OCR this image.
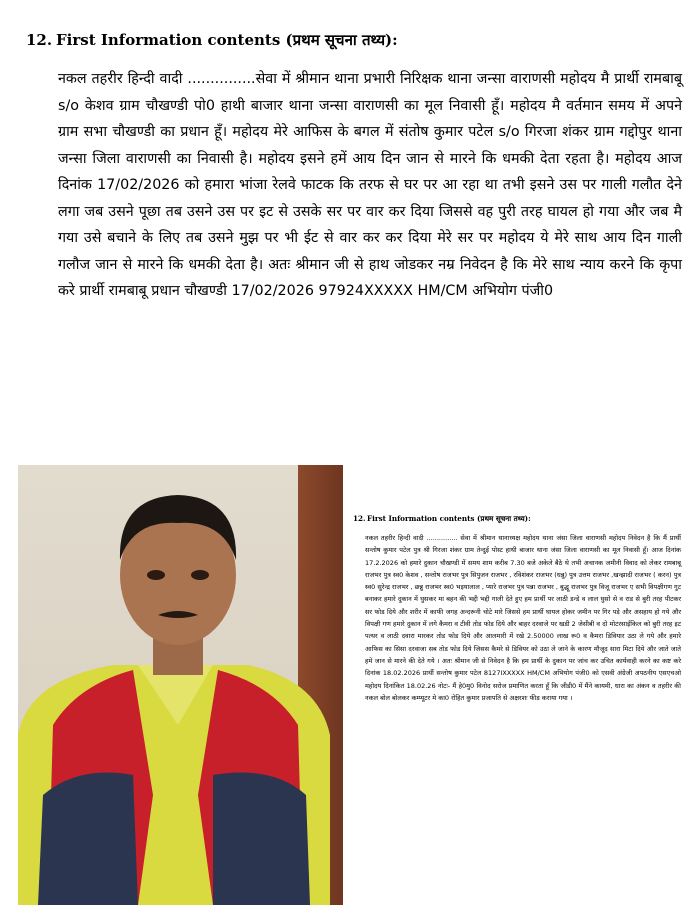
12. First Information contents (प्रथम सूचना तथ्य):
नकल तहरीर हिन्दी वादी ...............सेवा में श्रीमान थाना प्रभारी निरिक्षक थाना जन्सा वाराणसी महोदय मै प्रार्थी रामबाबू s/o केशव ग्राम चौखण्डी पो0 हाथी बाजार थाना जन्सा वाराणसी का मूल निवासी हूँ। महोदय मै वर्तमान समय में अपने ग्राम सभा चौखण्डी का प्रधान हूँ। महोदय मेरे आफिस के बगल में संतोष कुमार पटेल s/o गिरजा शंकर ग्राम गद्दोपुर थाना जन्सा जिला वाराणसी का निवासी है। महोदय इसने हमें आय दिन जान से मारने कि धमकी देता रहता है। महोदय आज दिनांक 17/02/2026 को हमारा भांजा रेलवे फाटक कि तरफ से घर पर आ रहा था तभी इसने उस पर गाली गलौत देने लगा जब उसने पूछा तब उसने उस पर इट से उसके सर पर वार कर दिया जिससे वह पुरी तरह घायल हो गया और जब मै गया उसे बचाने के लिए तब उसने मुझ पर भी ईट से वार कर कर दिया मेरे सर पर महोदय ये मेरे साथ आय दिन गाली गलौज जान से मारने कि धमकी देता है। अतः श्रीमान जी से हाथ जोडकर नम्र निवेदन है कि मेरे साथ न्याय करने कि कृपा करे प्रार्थी रामबाबू प्रधान चौखण्डी 17/02/2026 97924XXXXX HM/CM अभियोग पंजी0
12.First Information contents (प्रथम सूचना तथ्य):
नकल तहरीर हिन्दी वादी ............... सेवा में श्रीमान थानाध्यक्ष महोदय थाना जंसा जिला वाराणसी महोदय निवेदन है कि मैं प्रार्थी सन्तोष कुमार पटेल पुत्र श्री गिरजा शंकर ग्राम तेन्दुई पोस्ट हाथी बाजार थाना जंसा जिला वाराणसी का मूल निवासी हूँ। आज दिनांक 17.2.2026 को हमारे दुकान चौखण्डी में समय शाम करीब 7.30 बजे अकेले बैठे थे तभी अचानक जमीनी विवाद को लेकर रामबाबू राजभर पुत्र स्व0 केशव , सन्तोष राजभर पुत्र सिपुजन राजभर , रविशंकर राजभर (धन्नु) पुत्र उत्तम राजभर ,खन्झादी राजभर ( करन) पुत्र स्व0 सुरेन्द्र राजभर , छन्नु राजभर स्व0 भइयालाल , प्यारे राजभर पुत्र पन्ना राजभर , बुद्धू राजभर पुत्र विजू राजभर ए सभी विपक्षीगण गुट बनाकर हमारे दुकान में घुसकर मा बहन की भद्दी भद्दी गाली देते हुए हम प्रार्थी पर लाठी डन्डे व लाल घुसो से व राड से बुरी तरह पीटकर सर फोड दिये और शरीर में काफी जगह अन्दरूनी चोटे मारे जिससे हम प्रार्थी घायल होकर जमीन पर गिर पडे और असहाय हो गये और विपक्षी गण हमारे दुकान में लगे कैमरा व टीवी तोड फोड दिये और बाहर दरवाजे पर खडी 2 जेसीबी व दो मोटरसाईकिल को बुरी तरह इट पत्थर व लाठी दवारा मारकर तोड फोड दिये और आलमारी में रखे 2.50000 लाख रू0 व कैमरा डिवियार उठा ले गये और हमारे आफिस का सिसा दरवाजा सब तोड फोड दिये जिसस कैमरे से डिवियर को उठा ले जाने के कारण मौजूद सारा मिटा दिये और जाते जाते हमे जान से मारने की देते गये । अतः श्रीमान जी से निवेदन है कि हम प्रार्थी के दुकान पर जांच कर उचित कार्यवाही करने का कष्ट करे दिनांक 18.02.2026 प्रार्थी सन्तोष कुमार पटेल 8127IXXXXX HM/CM अभियोग पंजी0 को एसवी अंग्रेजी अपठनीय एसएचओ महोदय दिनांकित 18.02.26 नोटः- मैं हे0मु0 विनोद सरोज प्रमाणित करता हूँ कि जीडी0 में मैंने कायमी, धारा का अंकन व तहरीर की नकल बोल बोलकर कम्प्यूटर मे का0 रोहित कुमार प्रजापति से अक्षरशः फीड कराया गया ।
